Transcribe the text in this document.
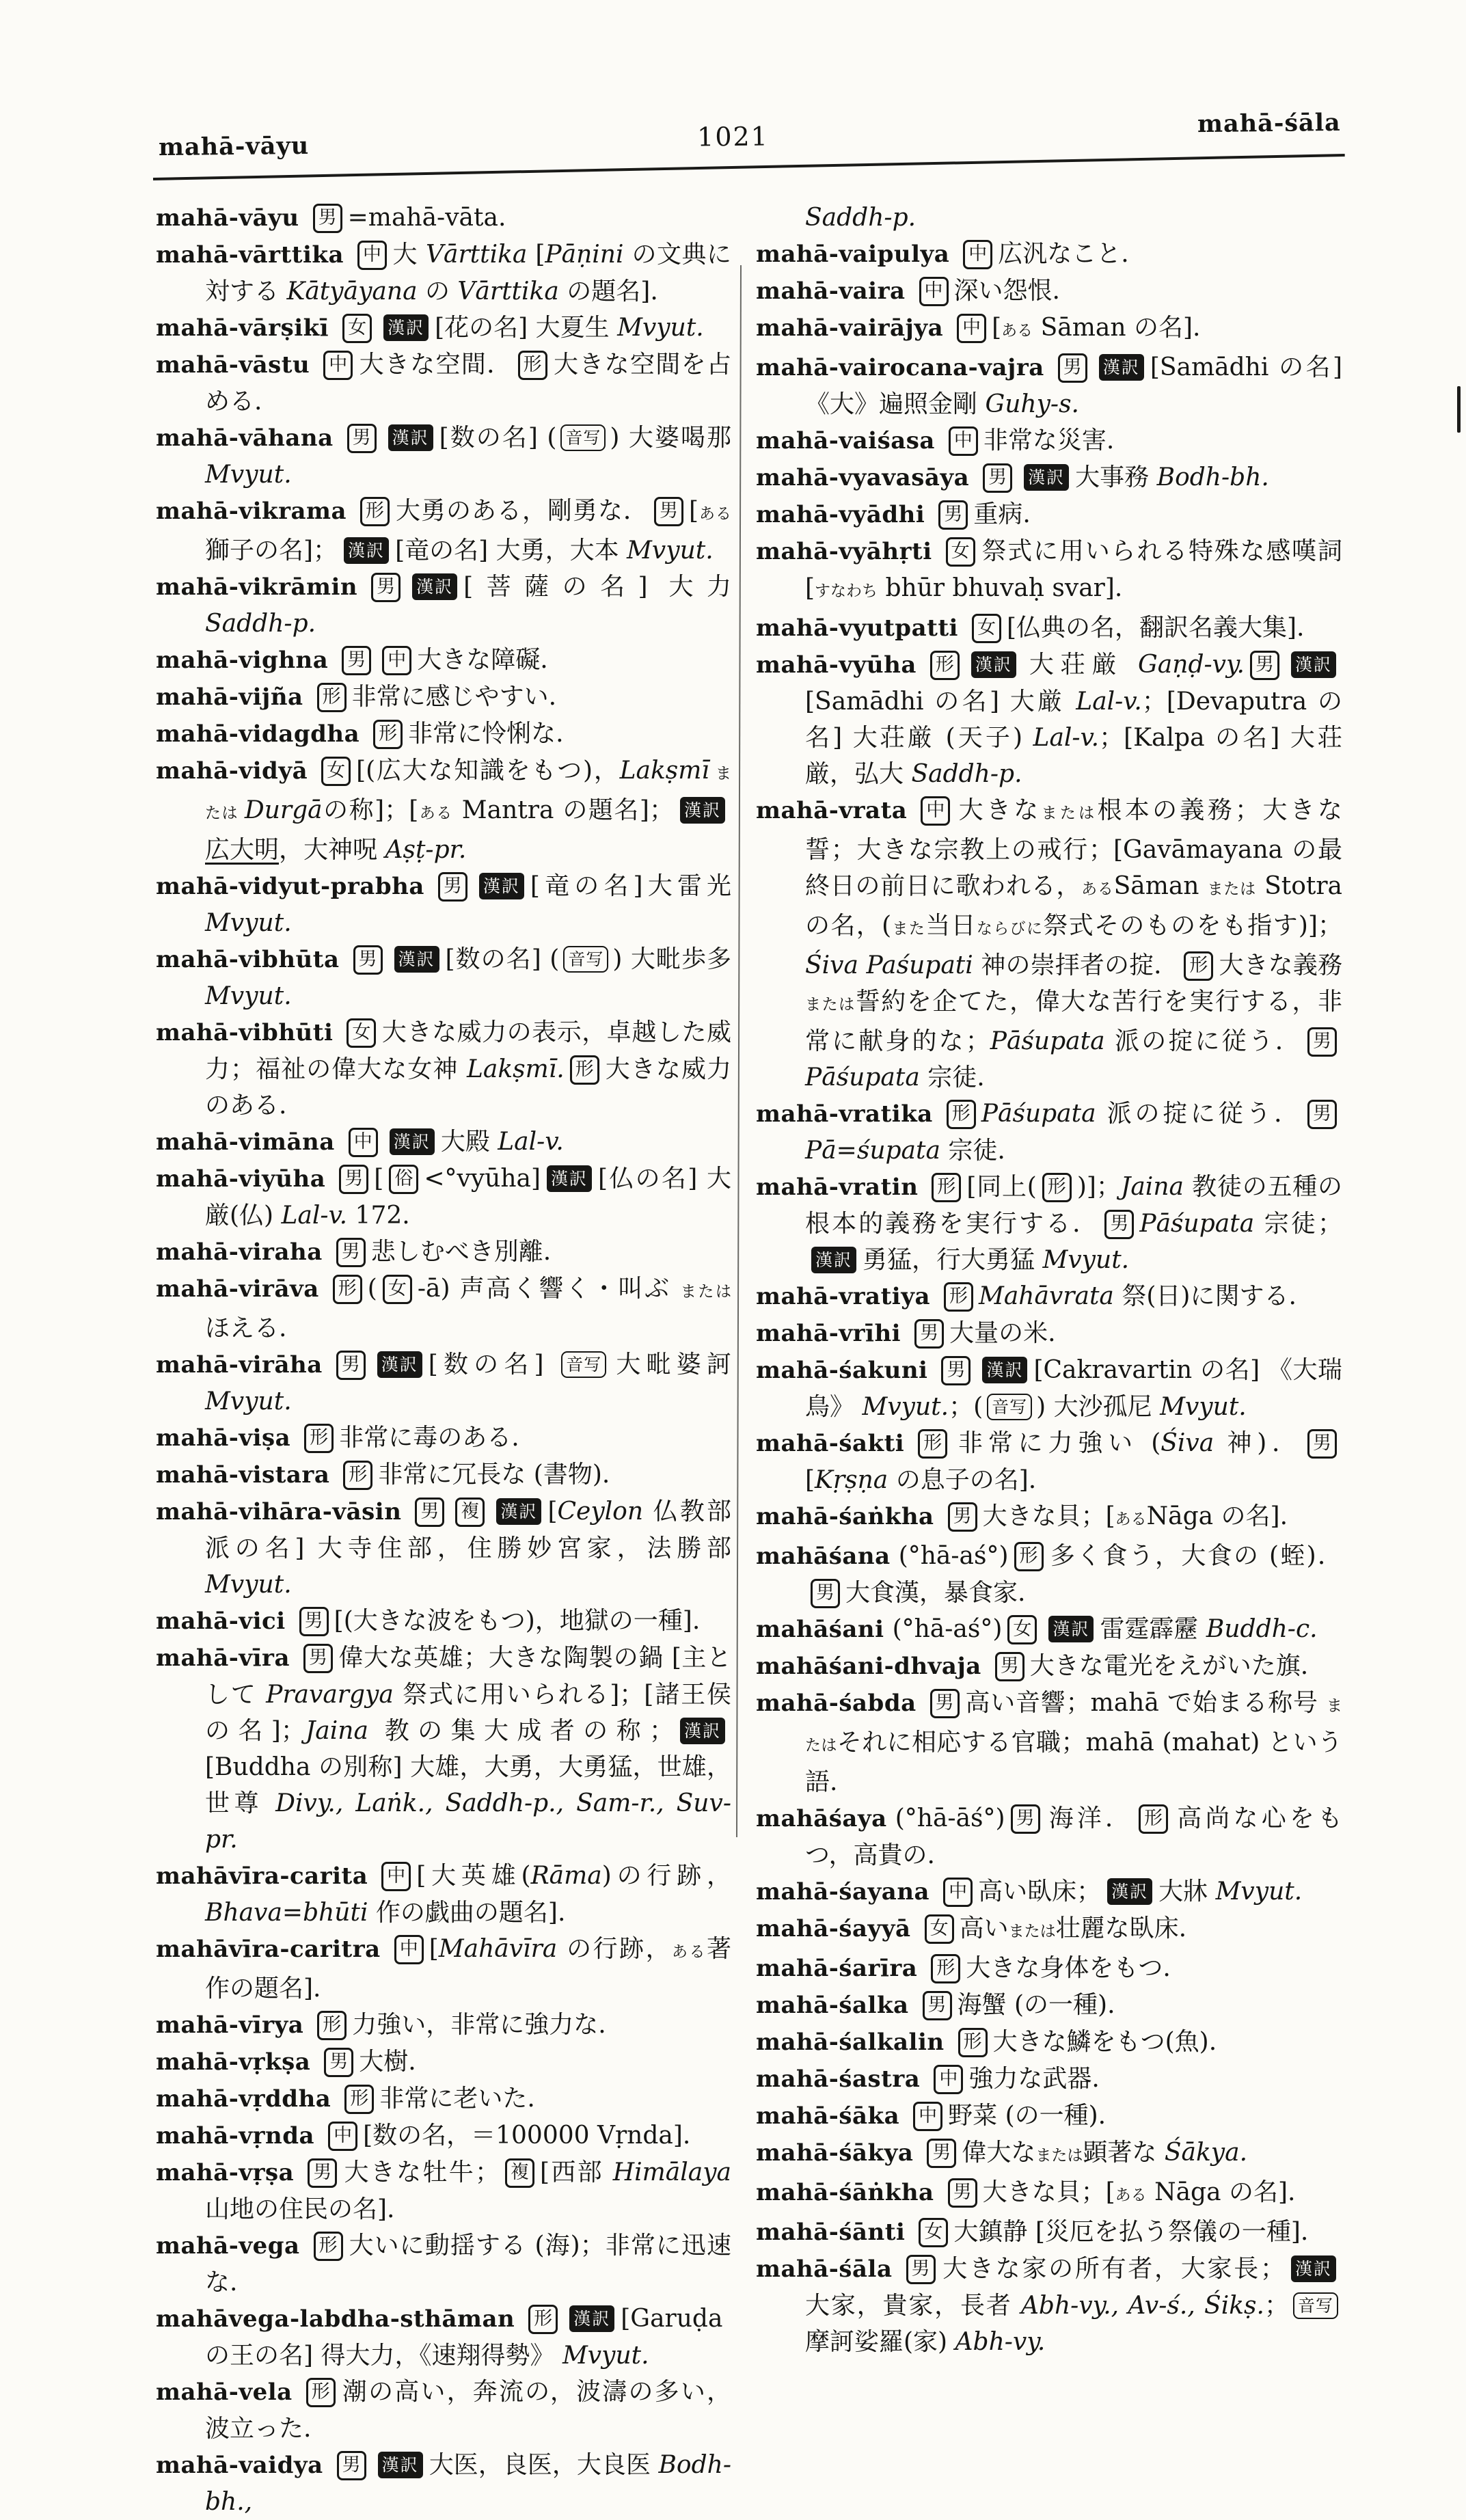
mahā-vāyu	1021	mahā-śāla
mahā-vāyu 男 =mahā-vāta.
mahā-vārttika 中 大 Vārttika [Pāṇini の文典に対する Kātyāyana の Vārttika の題名].
mahā-vārṣikī 女 漢訳 [花の名] 大夏生 Mvyut.
mahā-vāstu 中 大きな空間． 形 大きな空間を占める.
mahā-vāhana 男 漢訳 [数の名] ( 音写 ) 大婆喝那 Mvyut.
mahā-vikrama 形 大勇のある，剛勇な． 男 [ある獅子の名]； 漢訳 [竜の名] 大勇，大本 Mvyut.
mahā-vikrāmin 男 漢訳 [菩薩の名] 大力 Saddh-p.
mahā-vighna 男 中 大きな障礙.
mahā-vijña 形 非常に感じやすい.
mahā-vidagdha 形 非常に怜悧な.
mahā-vidyā 女 [(広大な知識をもつ)，Lakṣmī または Durgāの称]；[ある Mantra の題名]； 漢訳広大明，大神呪 Aṣṭ-pr.
mahā-vidyut-prabha 男 漢訳 [竜の名]大雷光 Mvyut.
mahā-vibhūta 男 漢訳 [数の名] ( 音写 ) 大毗歩多 Mvyut.
mahā-vibhūti 女 大きな威力の表示，卓越した威力；福祉の偉大な女神 Lakṣmī. 形 大きな威力のある.
mahā-vimāna 中 漢訳 大殿 Lal-v.
mahā-viyūha 男 [ 俗 <°vyūha] 漢訳 [仏の名] 大厳(仏) Lal-v. 172.
mahā-viraha 男 悲しむべき別離.
mahā-virāva 形 ( 女 -ā) 声高く響く・叫ぶ またはほえる.
mahā-virāha 男 漢訳 [数の名] 音写 大毗婆訶 Mvyut.
mahā-viṣa 形 非常に毒のある.
mahā-vistara 形 非常に冗長な (書物).
mahā-vihāra-vāsin 男 複 漢訳 [Ceylon 仏教部派の名] 大寺住部，住勝妙宮家，法勝部 Mvyut.
mahā-vici 男 [(大きな波をもつ)，地獄の一種].
mahā-vīra 男 偉大な英雄；大きな陶製の鍋 [主として Pravargya 祭式に用いられる]；[諸王侯の名]；Jaina 教の集大成者の称； 漢訳[Buddha の別称] 大雄，大勇，大勇猛，世雄，世尊 Divy., Laṅk., Saddh-p., Sam-r., Suv-pr.
mahāvīra-carita 中 [大英雄(Rāma)の行跡，Bhava=bhūti 作の戯曲の題名].
mahāvīra-caritra 中 [Mahāvīra の行跡，ある著作の題名].
mahā-vīrya 形 力強い，非常に強力な.
mahā-vṛkṣa 男 大樹.
mahā-vṛddha 形 非常に老いた.
mahā-vṛnda 中 [数の名，＝100000 Vṛnda].
mahā-vṛṣa 男 大きな牡牛； 複 [西部 Himālaya 山地の住民の名].
mahā-vega 形 大いに動揺する (海)；非常に迅速な.
mahāvega-labdha-sthāman 形 漢訳 [Garuḍa の王の名] 得大力，《速翔得勢》 Mvyut.
mahā-vela 形 潮の高い，奔流の，波濤の多い，波立った.
mahā-vaidya 男 漢訳 大医，良医，大良医 Bodh-bh.,
Saddh-p.
mahā-vaipulya 中 広汎なこと.
mahā-vaira 中 深い怨恨.
mahā-vairājya 中 [ある Sāman の名].
mahā-vairocana-vajra 男 漢訳 [Samādhi の名]《大》遍照金剛 Guhy-s.
mahā-vaiśasa 中 非常な災害.
mahā-vyavasāya 男 漢訳 大事務 Bodh-bh.
mahā-vyādhi 男 重病.
mahā-vyāhṛti 女 祭式に用いられる特殊な感嘆詞 [すなわち bhūr bhuvaḥ svar].
mahā-vyutpatti 女 [仏典の名，翻訳名義大集].
mahā-vyūha 形 漢訳 大荘厳 Gaṇḍ-vy. 男 漢訳[Samādhi の名] 大厳 Lal-v.；[Devaputra の名] 大荘厳 (天子) Lal-v.；[Kalpa の名] 大荘厳，弘大 Saddh-p.
mahā-vrata 中 大きなまたは根本の義務；大きな誓；大きな宗教上の戒行；[Gavāmayana の最終日の前日に歌われる，あるSāman または Stotra の名，(また当日ならびに祭式そのものをも指す)]；Śiva Paśupati 神の崇拝者の掟． 形 大きな義務または誓約を企てた，偉大な苦行を実行する，非常に献身的な；Pāśupata 派の掟に従う． 男Pāśupata 宗徒.
mahā-vratika 形 Pāśupata 派の掟に従う． 男Pā=śupata 宗徒.
mahā-vratin 形 [同上( 形 )]；Jaina 教徒の五種の根本的義務を実行する． 男 Pāśupata 宗徒；漢訳 勇猛，行大勇猛 Mvyut.
mahā-vratiya 形 Mahāvrata 祭(日)に関する.
mahā-vrīhi 男 大量の米.
mahā-śakuni 男 漢訳 [Cakravartin の名] 《大瑞鳥》 Mvyut.；( 音写 ) 大沙孤尼 Mvyut.
mahā-śakti 形 非常に力強い (Śiva 神)． 男[Kṛṣṇa の息子の名].
mahā-śaṅkha 男 大きな貝；[あるNāga の名].
mahāśana (°hā-aś°) 形 多く食う，大食の (蛭)．男 大食漢，暴食家.
mahāśani (°hā-aś°) 女 漢訳 雷霆霹靂 Buddh-c.
mahāśani-dhvaja 男 大きな電光をえがいた旗.
mahā-śabda 男 高い音響；mahā で始まる称号 またはそれに相応する官職；mahā (mahat) という語.
mahāśaya (°hā-āś°) 男 海洋． 形 高尚な心をもつ，高貴の.
mahā-śayana 中 高い臥床； 漢訳 大牀 Mvyut.
mahā-śayyā 女 高いまたは壮麗な臥床.
mahā-śarīra 形 大きな身体をもつ.
mahā-śalka 男 海蟹 (の一種).
mahā-śalkalin 形 大きな鱗をもつ(魚).
mahā-śastra 中 強力な武器.
mahā-śāka 中 野菜 (の一種).
mahā-śākya 男 偉大なまたは顕著な Śākya.
mahā-śāṅkha 男 大きな貝；[ある Nāga の名].
mahā-śānti 女 大鎮静 [災厄を払う祭儀の一種].
mahā-śāla 男 大きな家の所有者，大家長； 漢訳大家，貴家，長者 Abh-vy., Av-ś., Śikṣ.； 音写摩訶娑羅(家) Abh-vy.
